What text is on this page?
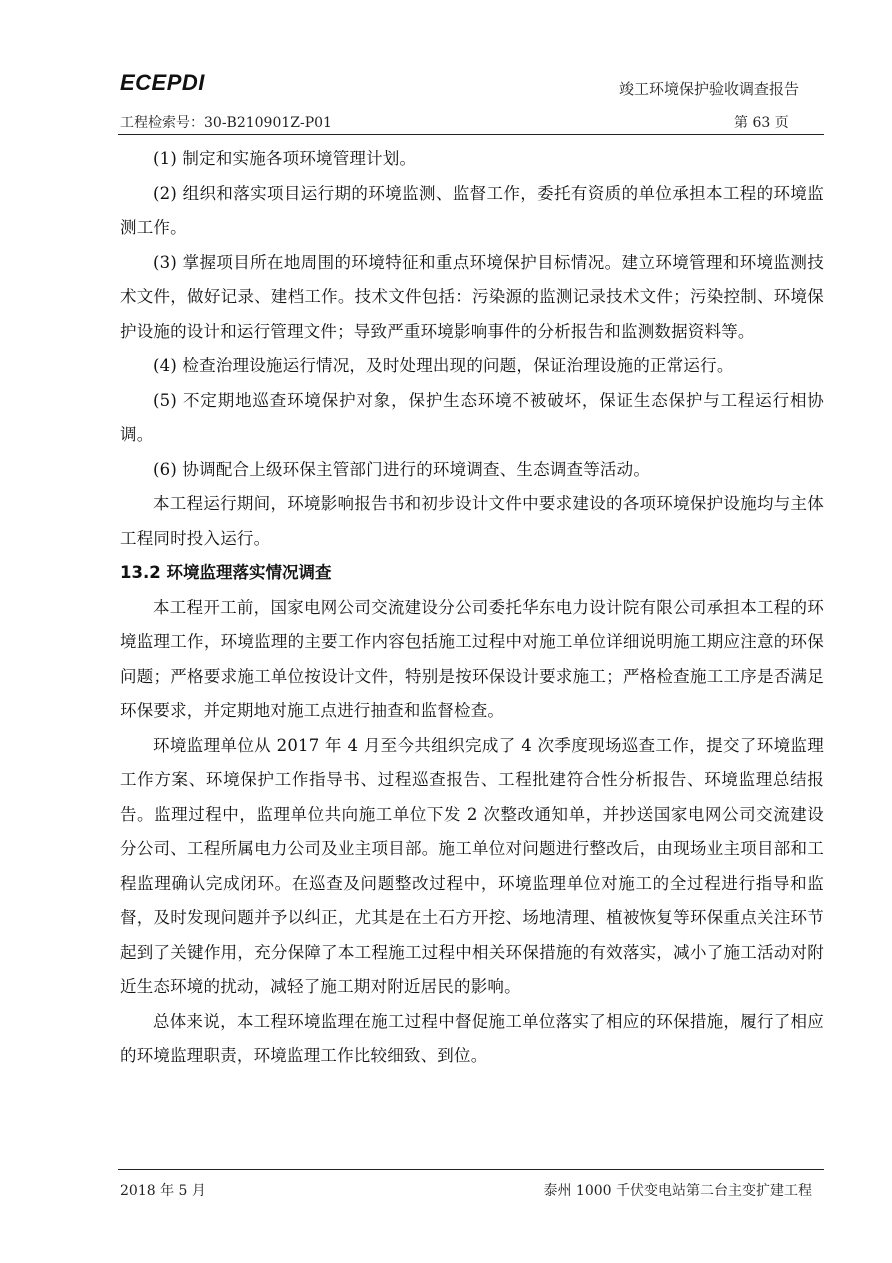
ECEPDI	竣工环境保护验收调查报告
工程检索号：30-B210901Z-P01	第 63 页

(1) 制定和实施各项环境管理计划。

(2) 组织和落实项目运行期的环境监测、监督工作，委托有资质的单位承担本工程的环境监测工作。

(3) 掌握项目所在地周围的环境特征和重点环境保护目标情况。建立环境管理和环境监测技术文件，做好记录、建档工作。技术文件包括：污染源的监测记录技术文件；污染控制、环境保护设施的设计和运行管理文件；导致严重环境影响事件的分析报告和监测数据资料等。

(4) 检查治理设施运行情况，及时处理出现的问题，保证治理设施的正常运行。

(5) 不定期地巡查环境保护对象，保护生态环境不被破坏，保证生态保护与工程运行相协调。

(6) 协调配合上级环保主管部门进行的环境调查、生态调查等活动。

本工程运行期间，环境影响报告书和初步设计文件中要求建设的各项环境保护设施均与主体工程同时投入运行。

13.2 环境监理落实情况调查

本工程开工前，国家电网公司交流建设分公司委托华东电力设计院有限公司承担本工程的环境监理工作，环境监理的主要工作内容包括施工过程中对施工单位详细说明施工期应注意的环保问题；严格要求施工单位按设计文件，特别是按环保设计要求施工；严格检查施工工序是否满足环保要求，并定期地对施工点进行抽查和监督检查。

环境监理单位从 2017 年 4 月至今共组织完成了 4 次季度现场巡查工作，提交了环境监理工作方案、环境保护工作指导书、过程巡查报告、工程批建符合性分析报告、环境监理总结报告。监理过程中，监理单位共向施工单位下发 2 次整改通知单，并抄送国家电网公司交流建设分公司、工程所属电力公司及业主项目部。施工单位对问题进行整改后，由现场业主项目部和工程监理确认完成闭环。在巡查及问题整改过程中，环境监理单位对施工的全过程进行指导和监督，及时发现问题并予以纠正，尤其是在土石方开挖、场地清理、植被恢复等环保重点关注环节起到了关键作用，充分保障了本工程施工过程中相关环保措施的有效落实，减小了施工活动对附近生态环境的扰动，减轻了施工期对附近居民的影响。

总体来说，本工程环境监理在施工过程中督促施工单位落实了相应的环保措施，履行了相应的环境监理职责，环境监理工作比较细致、到位。

2018 年 5 月	泰州 1000 千伏变电站第二台主变扩建工程
